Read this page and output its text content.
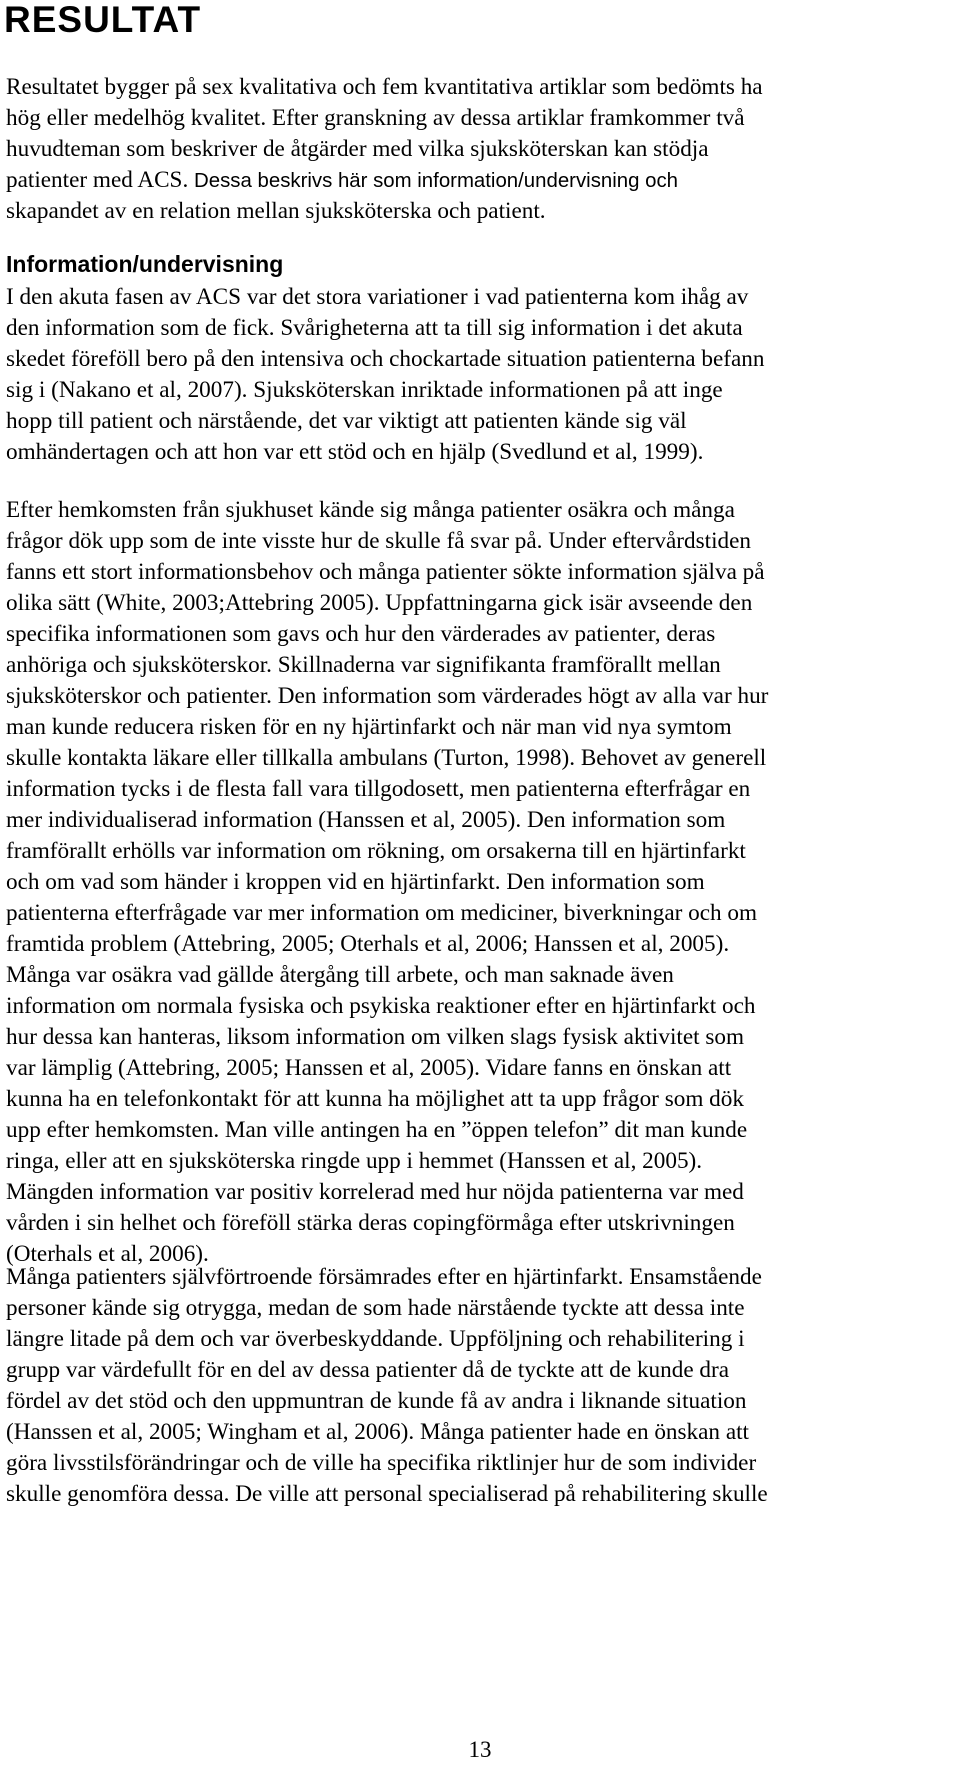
RESULTAT
Resultatet bygger på sex kvalitativa och fem kvantitativa artiklar som bedömts ha
hög eller medelhög kvalitet. Efter granskning av dessa artiklar framkommer två
huvudteman som beskriver de åtgärder med vilka sjuksköterskan kan stödja
patienter med ACS. Dessa beskrivs här som information/undervisning och
skapandet av en relation mellan sjuksköterska och patient.
Information/undervisning
I den akuta fasen av ACS var det stora variationer i vad patienterna kom ihåg av
den information som de fick. Svårigheterna att ta till sig information i det akuta
skedet föreföll bero på den intensiva och chockartade situation patienterna befann
sig i (Nakano et al, 2007). Sjuksköterskan inriktade informationen på att inge
hopp till patient och närstående, det var viktigt att patienten kände sig väl
omhändertagen och att hon var ett stöd och en hjälp (Svedlund et al, 1999).
Efter hemkomsten från sjukhuset kände sig många patienter osäkra och många
frågor dök upp som de inte visste hur de skulle få svar på. Under eftervårdstiden
fanns ett stort informationsbehov och många patienter sökte information själva på
olika sätt (White, 2003;Attebring 2005). Uppfattningarna gick isär avseende den
specifika informationen som gavs och hur den värderades av patienter, deras
anhöriga och sjuksköterskor. Skillnaderna var signifikanta framförallt mellan
sjuksköterskor och patienter. Den information som värderades högt av alla var hur
man kunde reducera risken för en ny hjärtinfarkt och när man vid nya symtom
skulle kontakta läkare eller tillkalla ambulans (Turton, 1998). Behovet av generell
information tycks i de flesta fall vara tillgodosett, men patienterna efterfrågar en
mer individualiserad information (Hanssen et al, 2005). Den information som
framförallt erhölls var information om rökning, om orsakerna till en hjärtinfarkt
och om vad som händer i kroppen vid en hjärtinfarkt. Den information som
patienterna efterfrågade var mer information om mediciner, biverkningar och om
framtida problem (Attebring, 2005; Oterhals et al, 2006; Hanssen et al, 2005).
Många var osäkra vad gällde återgång till arbete, och man saknade även
information om normala fysiska och psykiska reaktioner efter en hjärtinfarkt och
hur dessa kan hanteras, liksom information om vilken slags fysisk aktivitet som
var lämplig (Attebring, 2005; Hanssen et al, 2005). Vidare fanns en önskan att
kunna ha en telefonkontakt för att kunna ha möjlighet att ta upp frågor som dök
upp efter hemkomsten. Man ville antingen ha en ”öppen telefon” dit man kunde
ringa, eller att en sjuksköterska ringde upp i hemmet (Hanssen et al, 2005).
Mängden information var positiv korrelerad med hur nöjda patienterna var med
vården i sin helhet och föreföll stärka deras copingförmåga efter utskrivningen
(Oterhals et al, 2006).
Många patienters självförtroende försämrades efter en hjärtinfarkt. Ensamstående
personer kände sig otrygga, medan de som hade närstående tyckte att dessa inte
längre litade på dem och var överbeskyddande. Uppföljning och rehabilitering i
grupp var värdefullt för en del av dessa patienter då de tyckte att de kunde dra
fördel av det stöd och den uppmuntran de kunde få av andra i liknande situation
(Hanssen et al, 2005; Wingham et al, 2006). Många patienter hade en önskan att
göra livsstilsförändringar och de ville ha specifika riktlinjer hur de som individer
skulle genomföra dessa. De ville att personal specialiserad på rehabilitering skulle
13
